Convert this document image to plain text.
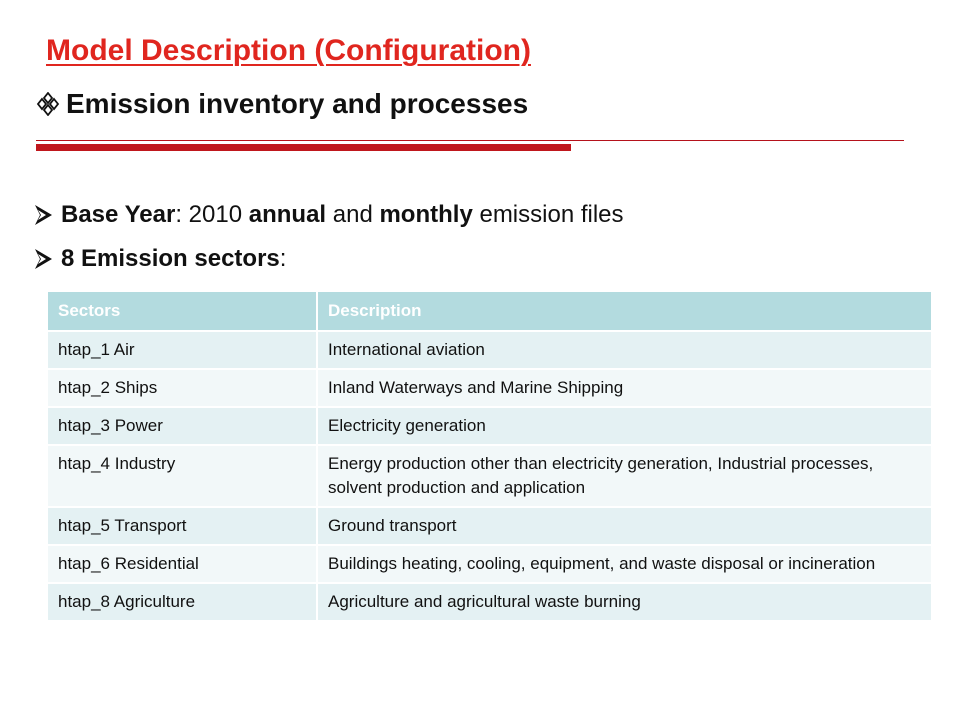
Model Description (Configuration)
Emission inventory and processes
Base Year: 2010 annual and monthly emission files
8 Emission sectors:
Sectors	Description
htap_1 Air	International aviation
htap_2 Ships	Inland Waterways and Marine Shipping
htap_3 Power	Electricity generation
htap_4 Industry	Energy production other than electricity generation, Industrial processes, solvent production and application
htap_5 Transport	Ground transport
htap_6 Residential	Buildings heating, cooling, equipment, and waste disposal or incineration
htap_8 Agriculture	Agriculture and agricultural waste burning
